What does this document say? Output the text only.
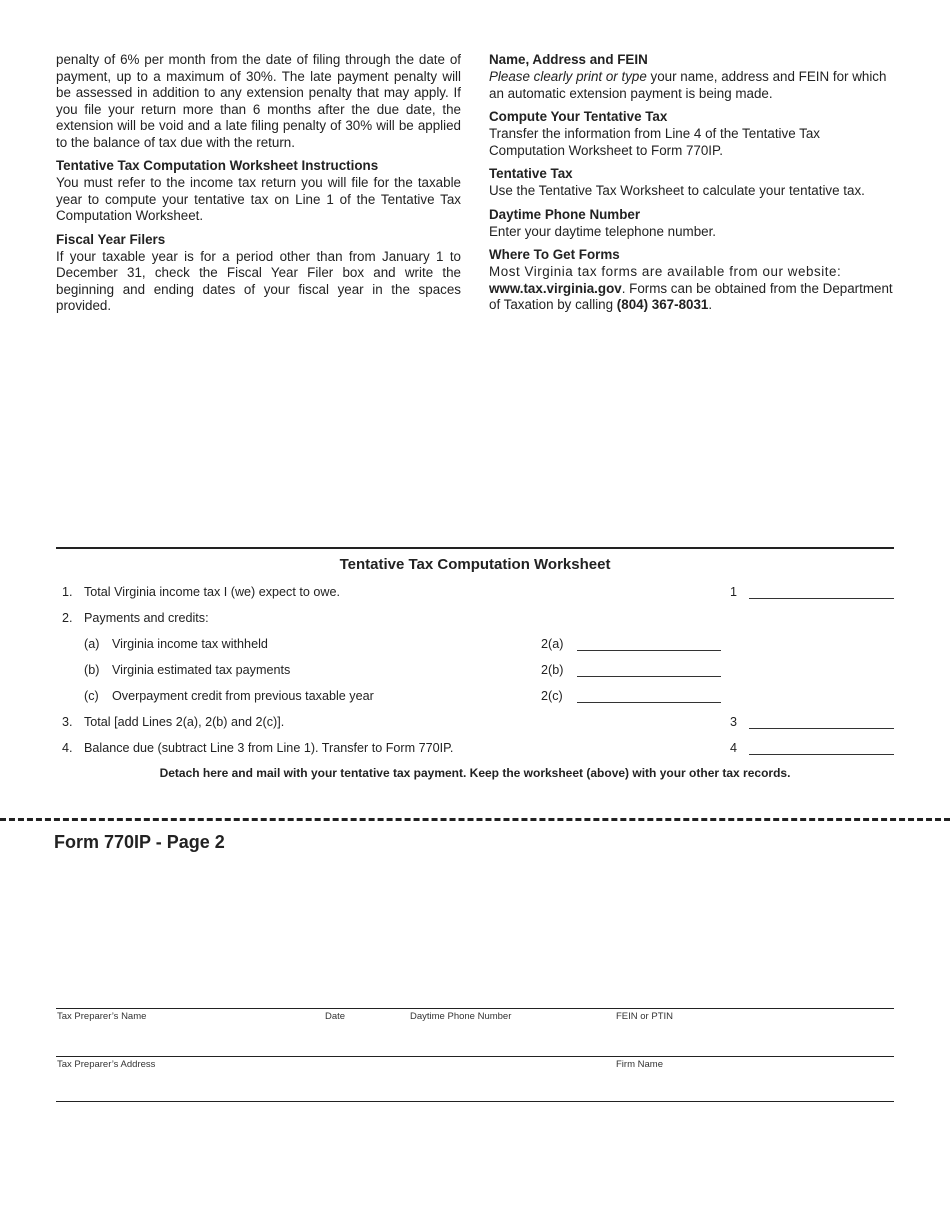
penalty of 6% per month from the date of filing through the date of payment, up to a maximum of 30%. The late payment penalty will be assessed in addition to any extension penalty that may apply. If you file your return more than 6 months after the due date, the extension will be void and a late filing penalty of 30% will be applied to the balance of tax due with the return.

Tentative Tax Computation Worksheet Instructions

You must refer to the income tax return you will file for the taxable year to compute your tentative tax on Line 1 of the Tentative Tax Computation Worksheet.

Fiscal Year Filers

If your taxable year is for a period other than from January 1 to December 31, check the Fiscal Year Filer box and write the beginning and ending dates of your fiscal year in the spaces provided.

Name, Address and FEIN

Please clearly print or type your name, address and FEIN for which an automatic extension payment is being made.

Compute Your Tentative Tax

Transfer the information from Line 4 of the Tentative Tax Computation Worksheet to Form 770IP.

Tentative Tax

Use the Tentative Tax Worksheet to calculate your tentative tax.

Daytime Phone Number

Enter your daytime telephone number.

Where To Get Forms

Most Virginia tax forms are available from our website: www.tax.virginia.gov. Forms can be obtained from the Department of Taxation by calling (804) 367-8031.

Tentative Tax Computation Worksheet
1. Total Virginia income tax I (we) expect to owe.	1
2. Payments and credits:
(a) Virginia income tax withheld	2(a)
(b) Virginia estimated tax payments	2(b)
(c) Overpayment credit from previous taxable year	2(c)
3. Total [add Lines 2(a), 2(b) and 2(c)].	3
4. Balance due (subtract Line 3 from Line 1). Transfer to Form 770IP.	4
Detach here and mail with your tentative tax payment. Keep the worksheet (above) with your other tax records.
Form 770IP - Page 2
Tax Preparer’s Name	Date	Daytime Phone Number	FEIN or PTIN
Tax Preparer’s Address	Firm Name
